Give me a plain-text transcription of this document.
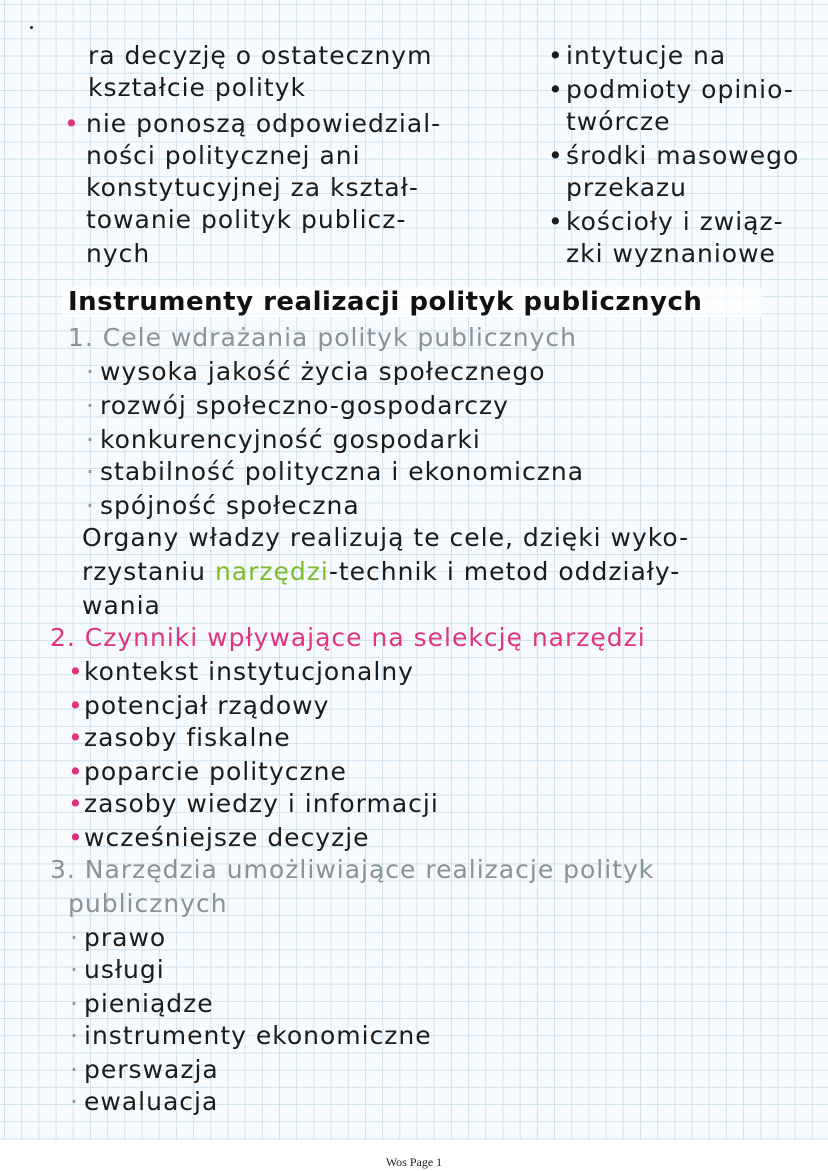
ra decyzję o ostatecznym
kształcie polityk
• nie ponoszą odpowiedzial-
ności politycznej ani
konstytucyjnej za kształ-
towanie polityk publicz-
nych
• intytucje na
• podmioty opinio-
twórcze
• środki masowego
przekazu
• kościoły i związ-
zki wyznaniowe
Instrumenty realizacji polityk publicznych
1. Cele wdrażania polityk publicznych
· wysoka jakość życia społecznego
· rozwój społeczno-gospodarczy
· konkurencyjność gospodarki
· stabilność polityczna i ekonomiczna
· spójność społeczna
Organy władzy realizują te cele, dzięki wyko-
rzystaniu narzędzi-technik i metod oddziały-
wania
2. Czynniki wpływające na selekcję narzędzi
• kontekst instytucjonalny
• potencjał rządowy
• zasoby fiskalne
• poparcie polityczne
• zasoby wiedzy i informacji
• wcześniejsze decyzje
3. Narzędzia umożliwiające realizacje polityk
publicznych
· prawo
· usługi
· pieniądze
· instrumenty ekonomiczne
· perswazja
· ewaluacja
Wos Page 1
